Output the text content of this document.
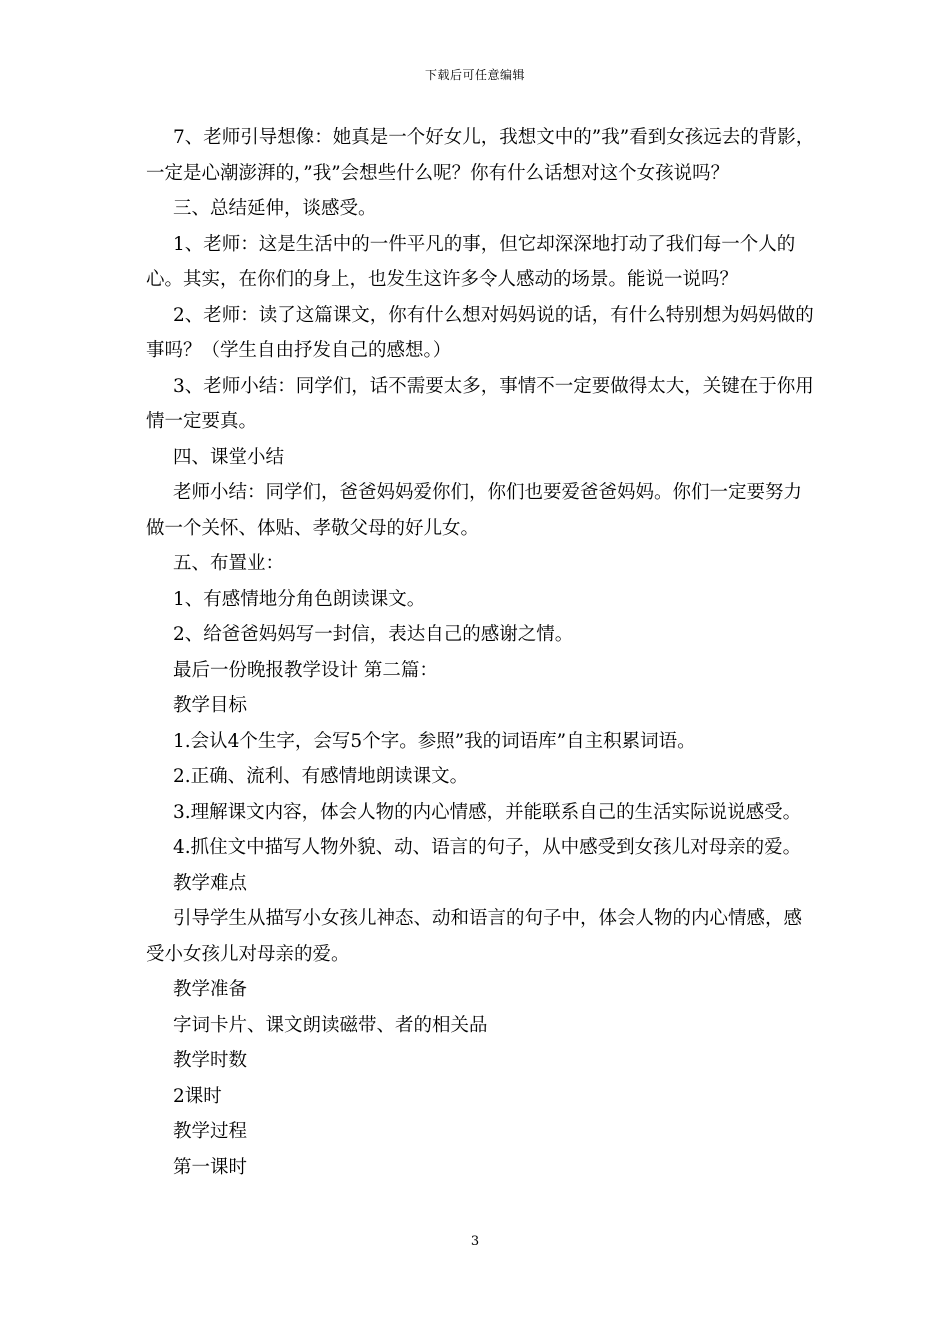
下载后可任意编辑

7、老师引导想像：她真是一个好女儿，我想文中的”我”看到女孩远去的背影，一定是心潮澎湃的，”我”会想些什么呢？你有什么话想对这个女孩说吗？

三、总结延伸，谈感受。

1、老师：这是生活中的一件平凡的事，但它却深深地打动了我们每一个人的心。其实，在你们的身上，也发生这许多令人感动的场景。能说一说吗？

2、老师：读了这篇课文，你有什么想对妈妈说的话，有什么特别想为妈妈做的事吗？（学生自由抒发自己的感想。）

3、老师小结：同学们，话不需要太多，事情不一定要做得太大，关键在于你用情一定要真。

四、课堂小结

老师小结：同学们，爸爸妈妈爱你们，你们也要爱爸爸妈妈。你们一定要努力做一个关怀、体贴、孝敬父母的好儿女。

五、布置业：

1、有感情地分角色朗读课文。

2、给爸爸妈妈写一封信，表达自己的感谢之情。

最后一份晚报教学设计 第二篇：

教学目标

1.会认4个生字，会写5个字。参照”我的词语库”自主积累词语。

2.正确、流利、有感情地朗读课文。

3.理解课文内容，体会人物的内心情感，并能联系自己的生活实际说说感受。

4.抓住文中描写人物外貌、动、语言的句子，从中感受到女孩儿对母亲的爱。

教学难点

引导学生从描写小女孩儿神态、动和语言的句子中，体会人物的内心情感，感受小女孩儿对母亲的爱。

教学准备

字词卡片、课文朗读磁带、者的相关品

教学时数

2课时

教学过程

第一课时

3
